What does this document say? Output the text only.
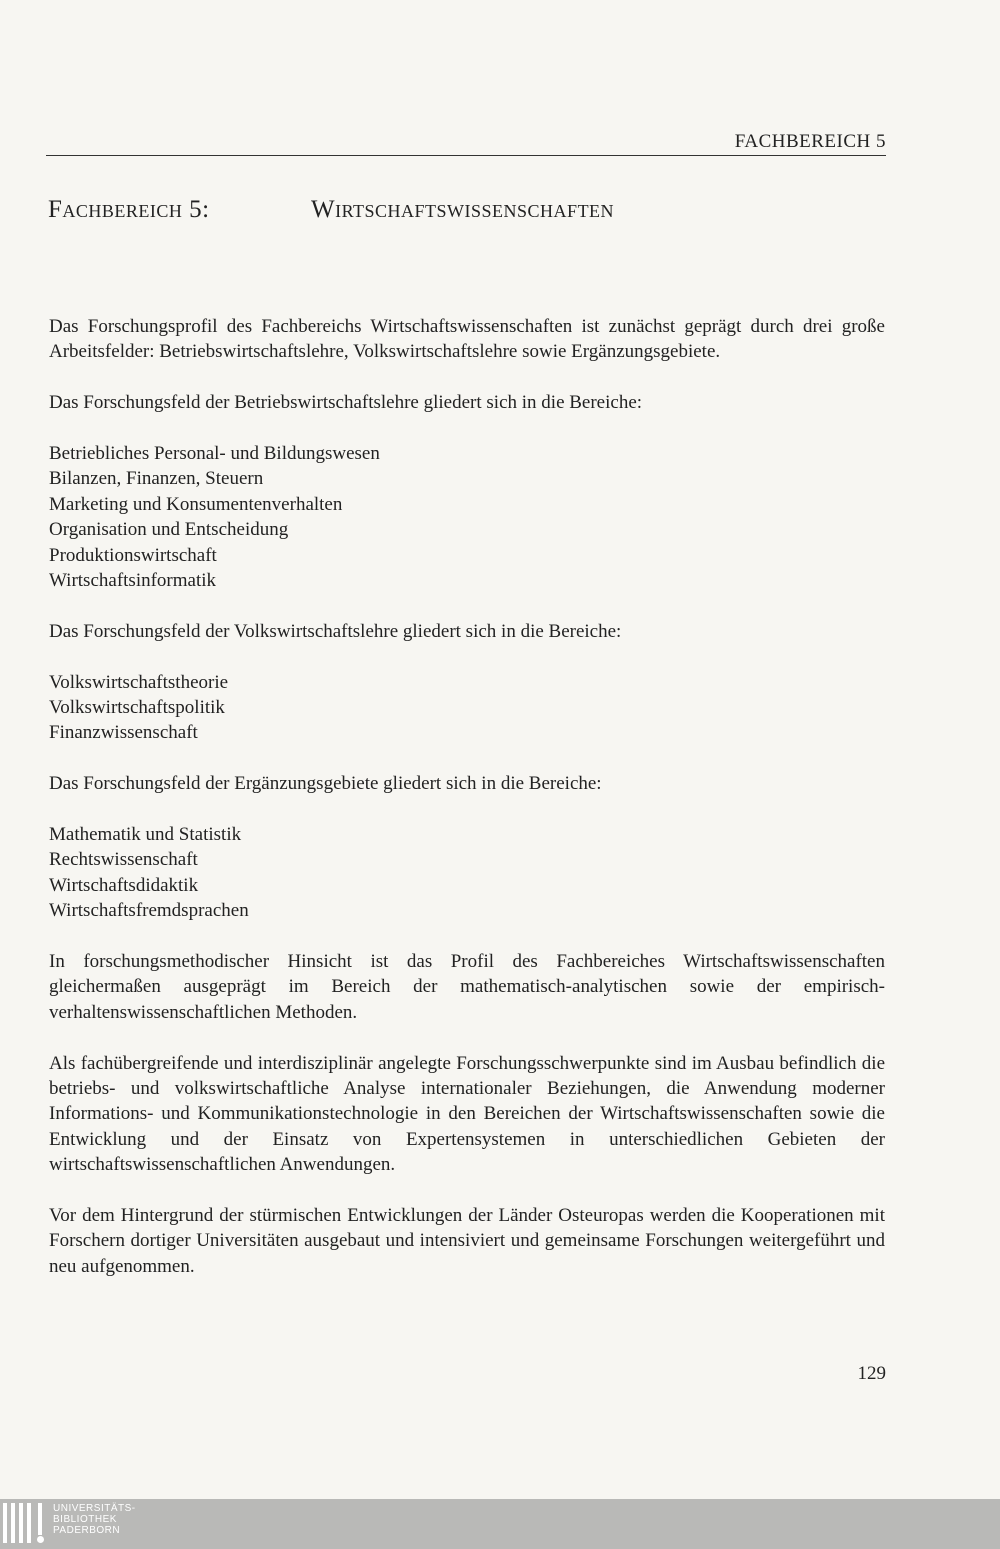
FACHBEREICH 5
Fachbereich 5:	Wirtschaftswissenschaften

Das Forschungsprofil des Fachbereichs Wirtschaftswissenschaften ist zunächst geprägt durch drei große Arbeitsfelder: Betriebswirtschaftslehre, Volkswirtschaftslehre sowie Ergänzungsgebiete.

Das Forschungsfeld der Betriebswirtschaftslehre gliedert sich in die Bereiche:

Betriebliches Personal- und Bildungswesen
Bilanzen, Finanzen, Steuern
Marketing und Konsumentenverhalten
Organisation und Entscheidung
Produktionswirtschaft
Wirtschaftsinformatik

Das Forschungsfeld der Volkswirtschaftslehre gliedert sich in die Bereiche:

Volkswirtschaftstheorie
Volkswirtschaftspolitik
Finanzwissenschaft

Das Forschungsfeld der Ergänzungsgebiete gliedert sich in die Bereiche:

Mathematik und Statistik
Rechtswissenschaft
Wirtschaftsdidaktik
Wirtschaftsfremdsprachen

In forschungsmethodischer Hinsicht ist das Profil des Fachbereiches Wirtschaftswissenschaften gleichermaßen ausgeprägt im Bereich der mathematisch-analytischen sowie der empirisch-verhaltenswissenschaftlichen Methoden.

Als fachübergreifende und interdisziplinär angelegte Forschungsschwerpunkte sind im Ausbau befindlich die betriebs- und volkswirtschaftliche Analyse internationaler Beziehungen, die Anwendung moderner Informations- und Kommunikationstechnologie in den Bereichen der Wirtschaftswissenschaften sowie die Entwicklung und der Einsatz von Expertensystemen in unterschiedlichen Gebieten der wirtschaftswissenschaftlichen Anwendungen.

Vor dem Hintergrund der stürmischen Entwicklungen der Länder Osteuropas werden die Kooperationen mit Forschern dortiger Universitäten ausgebaut und intensiviert und gemeinsame Forschungen weitergeführt und neu aufgenommen.

129
UNIVERSITÄTS-
BIBLIOTHEK
PADERBORN
